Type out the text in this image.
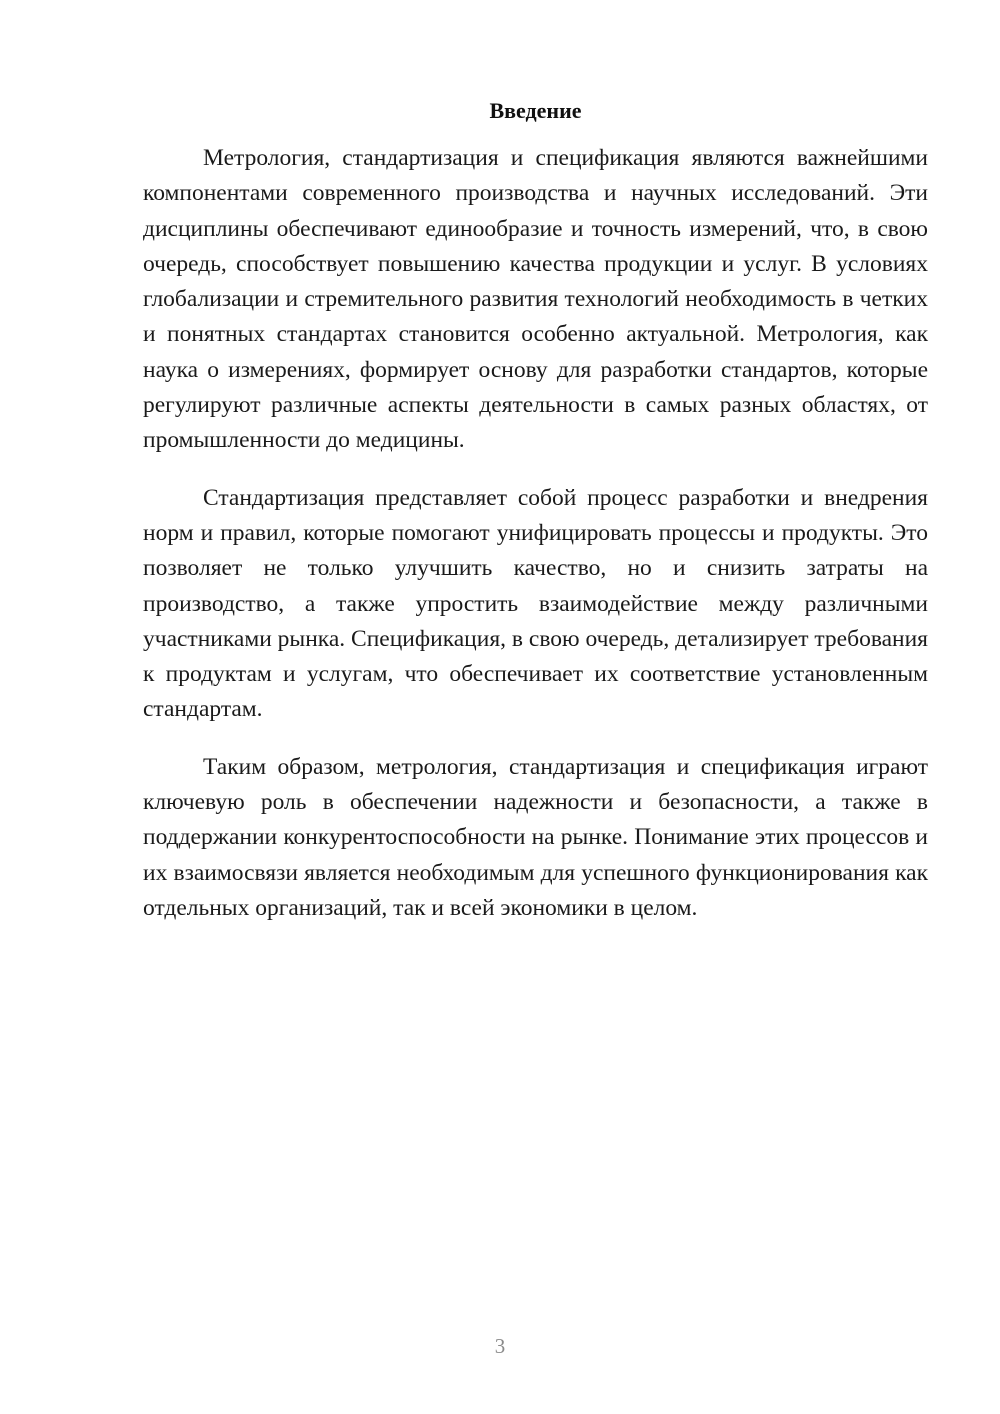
Введение

Метрология, стандартизация и спецификация являются важнейшими компонентами современного производства и научных исследований. Эти дисциплины обеспечивают единообразие и точность измерений, что, в свою очередь, способствует повышению качества продукции и услуг. В условиях глобализации и стремительного развития технологий необходимость в четких и понятных стандартах становится особенно актуальной. Метрология, как наука о измерениях, формирует основу для разработки стандартов, которые регулируют различные аспекты деятельности в самых разных областях, от промышленности до медицины.

Стандартизация представляет собой процесс разработки и внедрения норм и правил, которые помогают унифицировать процессы и продукты. Это позволяет не только улучшить качество, но и снизить затраты на производство, а также упростить взаимодействие между различными участниками рынка. Спецификация, в свою очередь, детализирует требования к продуктам и услугам, что обеспечивает их соответствие установленным стандартам.

Таким образом, метрология, стандартизация и спецификация играют ключевую роль в обеспечении надежности и безопасности, а также в поддержании конкурентоспособности на рынке. Понимание этих процессов и их взаимосвязи является необходимым для успешного функционирования как отдельных организаций, так и всей экономики в целом.

3
